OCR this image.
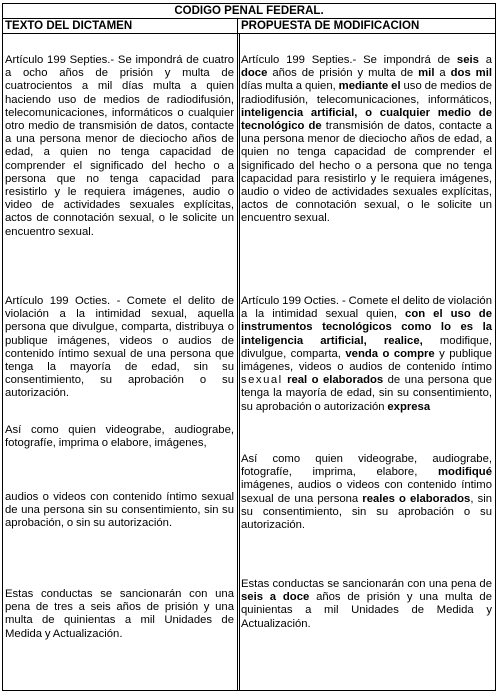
CODIGO PENAL FEDERAL.
TEXTO DEL DICTAMEN	PROPUESTA DE MODIFICACION
Artículo 199 Septies.- Se impondrá de cuatro a ocho años de prisión y multa de cuatrocientos a mil días multa a quien haciendo uso de medios de radiodifusión, telecomunicaciones, informáticos o cualquier otro medio de transmisión de datos, contacte a una persona menor de dieciocho años de edad, a quien no tenga capacidad de comprender el significado del hecho o a persona que no tenga capacidad para resistirlo y le requiera imágenes, audio o video de actividades sexuales explícitas, actos de connotación sexual, o le solicite un encuentro sexual.
Artículo 199 Octies. - Comete el delito de violación a la intimidad sexual, aquella persona que divulgue, comparta, distribuya o publique imágenes, videos o audios de contenido íntimo sexual de una persona que tenga la mayoría de edad, sin su consentimiento, su aprobación o su autorización.
Así como quien videograbe, audiograbe, fotografíe, imprima o elabore, imágenes,
audios o videos con contenido íntimo sexual de una persona sin su consentimiento, sin su aprobación, o sin su autorización.
Estas conductas se sancionarán con una pena de tres a seis años de prisión y una multa de quinientas a mil Unidades de Medida y Actualización.
Artículo 199 Septies.- Se impondrá de seis a doce años de prisión y multa de mil a dos mil días multa a quien, mediante el uso de medios de radiodifusión, telecomunicaciones, informáticos, inteligencia artificial, o cualquier medio de tecnológico de transmisión de datos, contacte a una persona menor de dieciocho años de edad, a quien no tenga capacidad de comprender el significado del hecho o a persona que no tenga capacidad para resistirlo y le requiera imágenes, audio o video de actividades sexuales explícitas, actos de connotación sexual, o le solicite un encuentro sexual.
Artículo 199 Octies. - Comete el delito de violación a la intimidad sexual quien, con el uso de instrumentos tecnológicos como lo es la inteligencia artificial, realice, modifique, divulgue, comparta, venda o compre y publique imágenes, videos o audios de contenido íntimo sexual real o elaborados de una persona que tenga la mayoría de edad, sin su consentimiento, su aprobación o autorización expresa
Así como quien videograbe, audiograbe, fotografíe, imprima, elabore, modifiqué imágenes, audios o videos con contenido íntimo sexual de una persona reales o elaborados, sin su consentimiento, sin su aprobación o su autorización.
Estas conductas se sancionarán con una pena de seis a doce años de prisión y una multa de quinientas a mil Unidades de Medida y Actualización.
